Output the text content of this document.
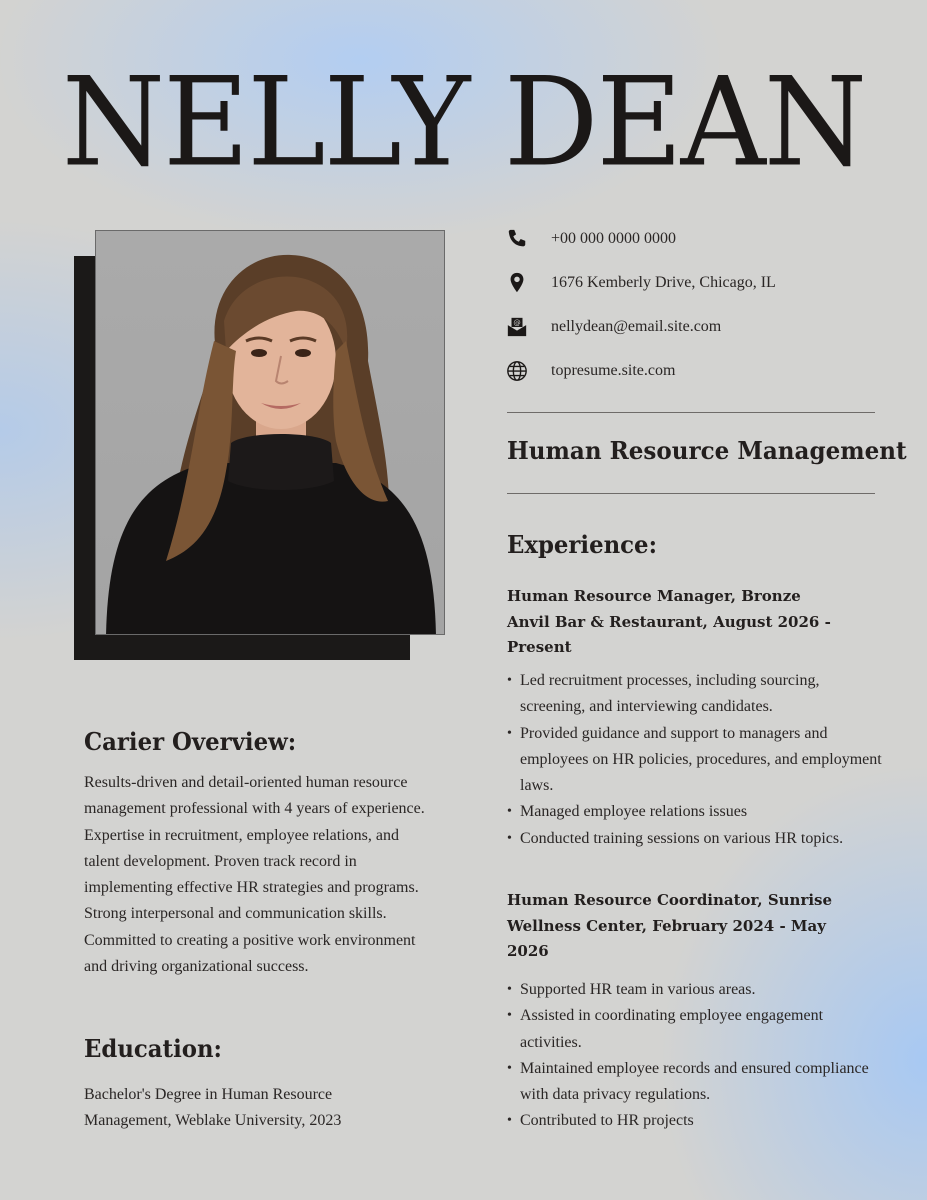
NELLY DEAN
+00 000 0000 0000
1676 Kemberly Drive, Chicago, IL
@ nellydean@email.site.com
topresume.site.com
Human Resource Management
Experience:
Human Resource Manager, Bronze Anvil Bar & Restaurant, August 2026 - Present
• Led recruitment processes, including sourcing, screening, and interviewing candidates.
• Provided guidance and support to managers and employees on HR policies, procedures, and employment laws.
• Managed employee relations issues
• Conducted training sessions on various HR topics.
Human Resource Coordinator, Sunrise Wellness Center, February 2024 - May 2026
• Supported HR team in various areas.
• Assisted in coordinating employee engagement activities.
• Maintained employee records and ensured compliance with data privacy regulations.
• Contributed to HR projects
Carier Overview:
Results-driven and detail-oriented human resource management professional with 4 years of experience. Expertise in recruitment, employee relations, and talent development. Proven track record in implementing effective HR strategies and programs. Strong interpersonal and communication skills. Committed to creating a positive work environment and driving organizational success.
Education:
Bachelor's Degree in Human Resource Management, Weblake University, 2023
